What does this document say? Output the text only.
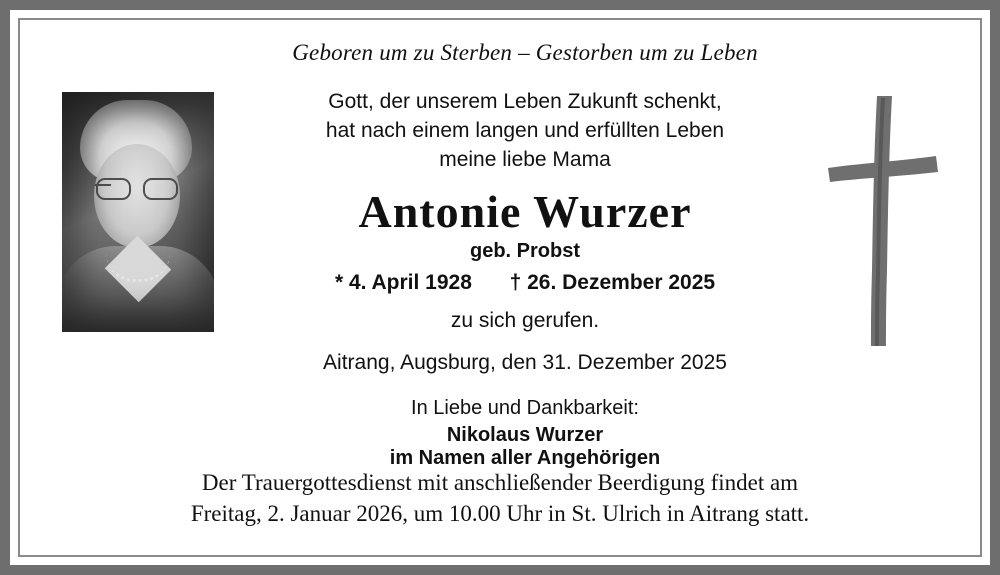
Geboren um zu Sterben – Gestorben um zu Leben
Gott, der unserem Leben Zukunft schenkt,
hat nach einem langen und erfüllten Leben
meine liebe Mama
Antonie Wurzer
geb. Probst
* 4. April 1928 † 26. Dezember 2025
zu sich gerufen.
Aitrang, Augsburg, den 31. Dezember 2025
In Liebe und Dankbarkeit:
Nikolaus Wurzer
im Namen aller Angehörigen
Der Trauergottesdienst mit anschließender Beerdigung findet am
Freitag, 2. Januar 2026, um 10.00 Uhr in St. Ulrich in Aitrang statt.
